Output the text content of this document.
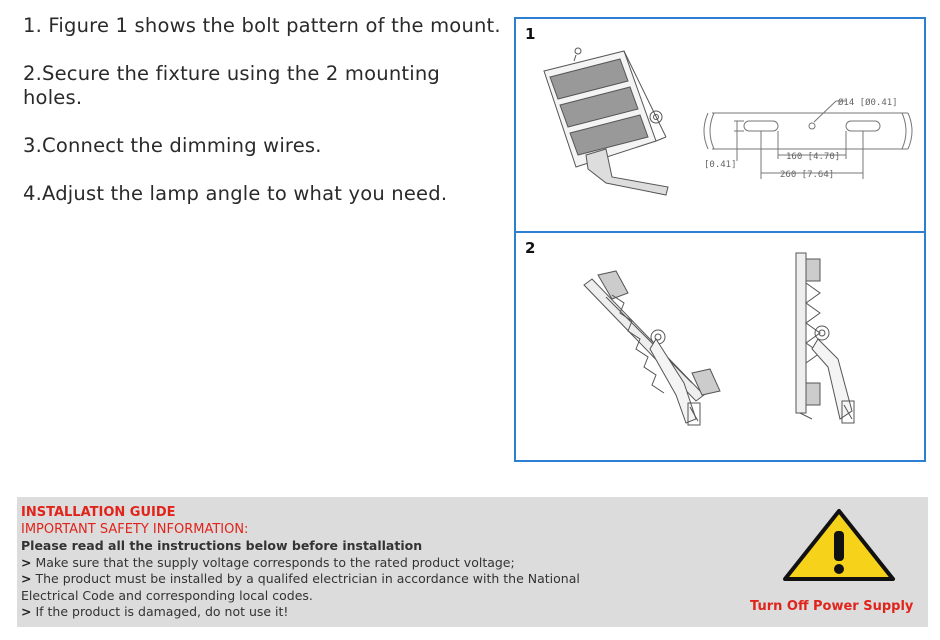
1. Figure 1 shows the bolt pattern of the mount.

2.Secure the fixture using the 2 mounting holes.

3.Connect the dimming wires.

4.Adjust the lamp angle to what you need.

1
Ø14 [Ø0.41]
160 [4.70]
260 [7.64]
[0.41]
2
INSTALLATION GUIDE
IMPORTANT SAFETY INFORMATION:
Please read all the instructions below before installation
> Make sure that the supply voltage corresponds to the rated product voltage;
> The product must be installed by a qualifed electrician in accordance with the National Electrical Code and corresponding local codes.
> If the product is damaged, do not use it!	Turn Off Power Supply
